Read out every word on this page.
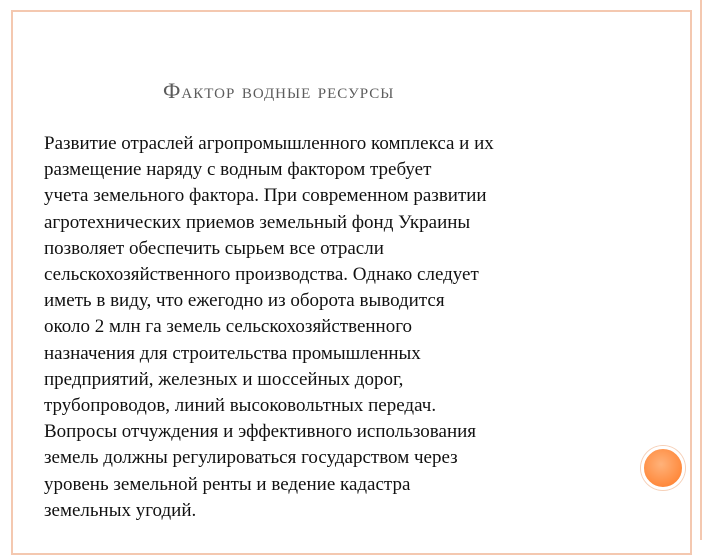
Фактор водные ресурсы
Развитие отраслей агропромышленного комплекса и их
размещение наряду с водным фактором требует
учета земельного фактора. При современном развитии
агротехнических приемов земельный фонд Украины
позволяет обеспечить сырьем все отрасли
сельскохозяйственного производства. Однако следует
иметь в виду, что ежегодно из оборота выводится
около 2 млн га земель сельскохозяйственного
назначения для строительства промышленных
предприятий, железных и шоссейных дорог,
трубопроводов, линий высоковольтных передач.
Вопросы отчуждения и эффективного использования
земель должны регулироваться государством через
уровень земельной ренты и ведение кадастра
земельных угодий.
